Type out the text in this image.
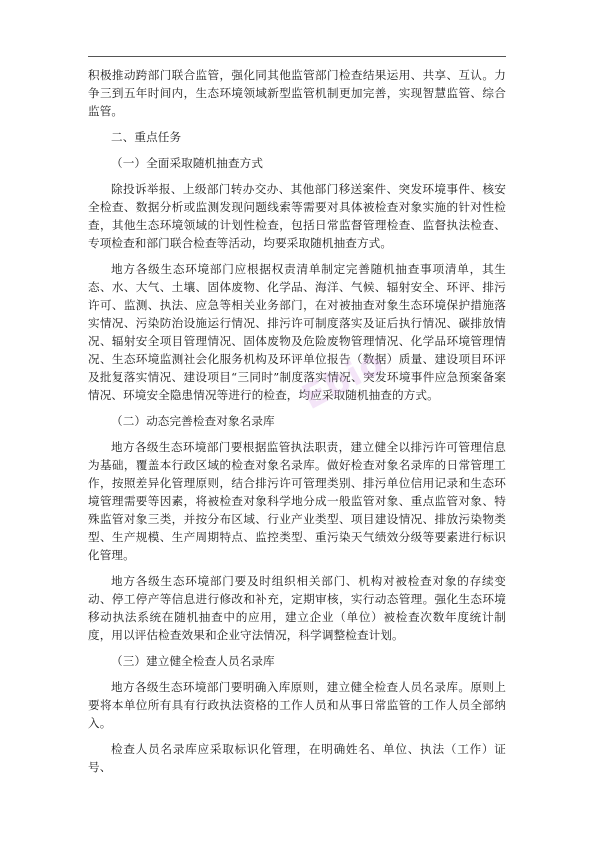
积极推动跨部门联合监管，强化同其他监管部门检查结果运用、共享、互认。力争三到五年时间内，生态环境领域新型监管机制更加完善，实现智慧监管、综合监管。

二、重点任务

（一）全面采取随机抽查方式

除投诉举报、上级部门转办交办、其他部门移送案件、突发环境事件、核安全检查、数据分析或监测发现问题线索等需要对具体被检查对象实施的针对性检查，其他生态环境领域的计划性检查，包括日常监督管理检查、监督执法检查、专项检查和部门联合检查等活动，均要采取随机抽查方式。

地方各级生态环境部门应根据权责清单制定完善随机抽查事项清单，其生态、水、大气、土壤、固体废物、化学品、海洋、气候、辐射安全、环评、排污许可、监测、执法、应急等相关业务部门，在对被抽查对象生态环境保护措施落实情况、污染防治设施运行情况、排污许可制度落实及证后执行情况、碳排放情况、辐射安全项目管理情况、固体废物及危险废物管理情况、化学品环境管理情况、生态环境监测社会化服务机构及环评单位报告（数据）质量、建设项目环评及批复落实情况、建设项目“三同时”制度落实情况、突发环境事件应急预案备案情况、环境安全隐患情况等进行的检查，均应采取随机抽查的方式。

（二）动态完善检查对象名录库

地方各级生态环境部门要根据监管执法职责，建立健全以排污许可管理信息为基础，覆盖本行政区域的检查对象名录库。做好检查对象名录库的日常管理工作，按照差异化管理原则，结合排污许可管理类别、排污单位信用记录和生态环境管理需要等因素，将被检查对象科学地分成一般监管对象、重点监管对象、特殊监管对象三类，并按分布区域、行业产业类型、项目建设情况、排放污染物类型、生产规模、生产周期特点、监控类型、重污染天气绩效分级等要素进行标识化管理。

地方各级生态环境部门要及时组织相关部门、机构对被检查对象的存续变动、停工停产等信息进行修改和补充，定期审核，实行动态管理。强化生态环境移动执法系统在随机抽查中的应用，建立企业（单位）被检查次数年度统计制度，用以评估检查效果和企业守法情况，科学调整检查计划。

（三）建立健全检查人员名录库

地方各级生态环境部门要明确入库原则，建立健全检查人员名录库。原则上要将本单位所有具有行政执法资格的工作人员和从事日常监管的工作人员全部纳入。

检查人员名录库应采取标识化管理，在明确姓名、单位、执法（工作）证号、

Ebio
